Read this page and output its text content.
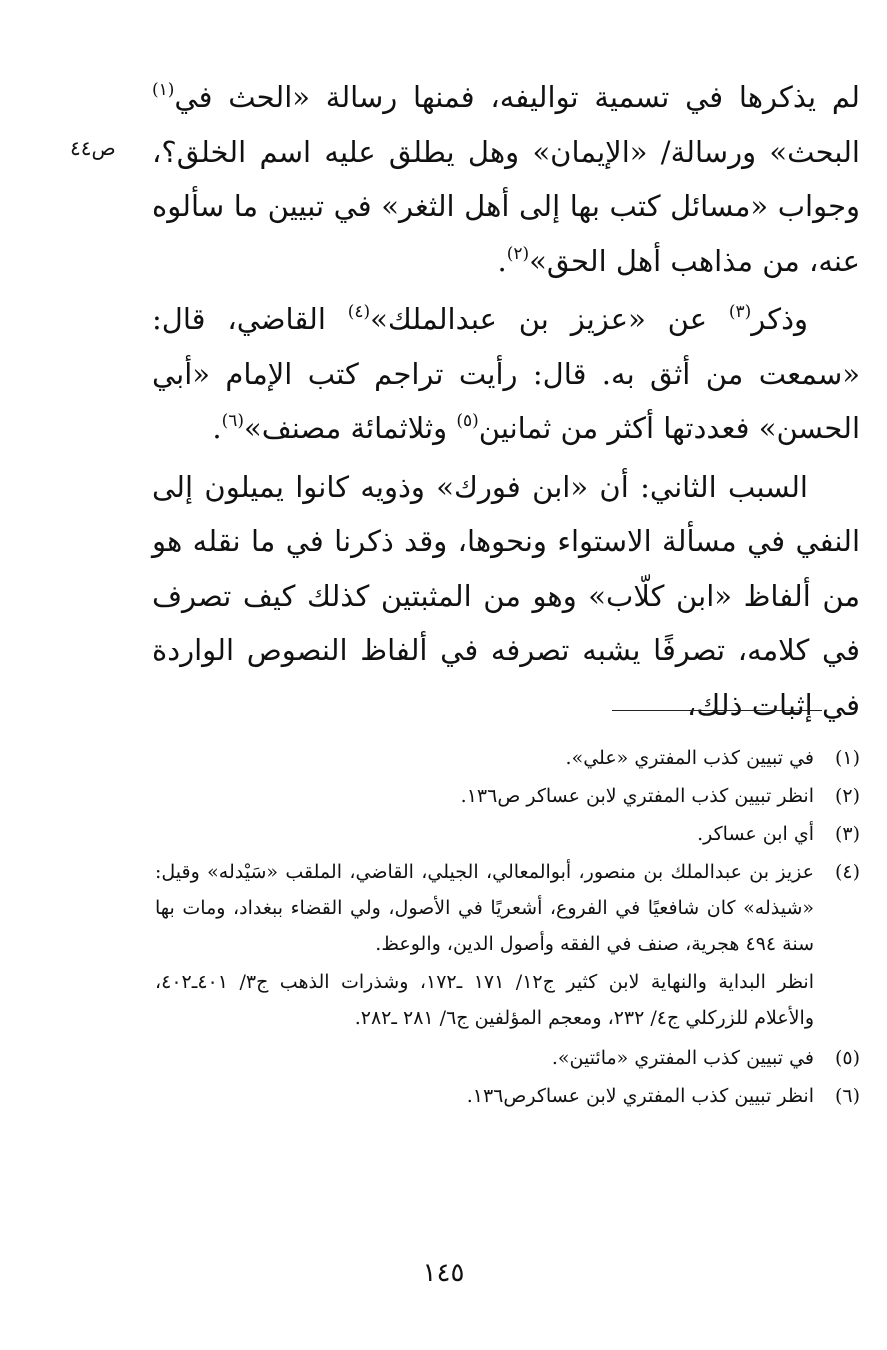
ص٤٤

لم يذكرها في تسمية تواليفه، فمنها رسالة «الحث في$^{(١)}$ البحث» ورسالة/ «الإيمان» وهل يطلق عليه اسم الخلق؟، وجواب «مسائل كتب بها إلى أهل الثغر» في تبيين ما سألوه عنه، من مذاهب أهل الحق»$^{(٢)}$.

وذكر$^{(٣)}$ عن «عزيز بن عبدالملك»$^{(٤)}$ القاضي، قال: «سمعت من أثق به. قال: رأيت تراجم كتب الإمام «أبي الحسن» فعددتها أكثر من ثمانين$^{(٥)}$ وثلاثمائة مصنف»$^{(٦)}$.

السبب الثاني: أن «ابن فورك» وذويه كانوا يميلون إلى النفي في مسألة الاستواء ونحوها، وقد ذكرنا في ما نقله هو من ألفاظ «ابن كلّاب» وهو من المثبتين كذلك كيف تصرف في كلامه، تصرفًا يشبه تصرفه في ألفاظ النصوص الواردة في إثبات ذلك،

(١)
في تبيين كذب المفتري «علي».
(٢)
انظر تبيين كذب المفتري لابن عساكر ص١٣٦.
(٣)
أي ابن عساكر.
(٤)
عزيز بن عبدالملك بن منصور، أبوالمعالي، الجيلي، القاضي، الملقب «سَيْدله» وقيل: «شيذله» كان شافعيًا في الفروع، أشعريًا في الأصول، ولي القضاء ببغداد، ومات بها سنة ٤٩٤ هجرية، صنف في الفقه وأصول الدين، والوعظ.
انظر البداية والنهاية لابن كثير ج١٢/ ١٧١ ـ١٧٢، وشذرات الذهب ج٣/ ٤٠١ـ٤٠٢، والأعلام للزركلي ج٤/ ٢٣٢، ومعجم المؤلفين ج٦/ ٢٨١ ـ٢٨٢.
(٥)
في تبيين كذب المفتري «مائتين».
(٦)
انظر تبيين كذب المفتري لابن عساكرص١٣٦.
١٤٥
